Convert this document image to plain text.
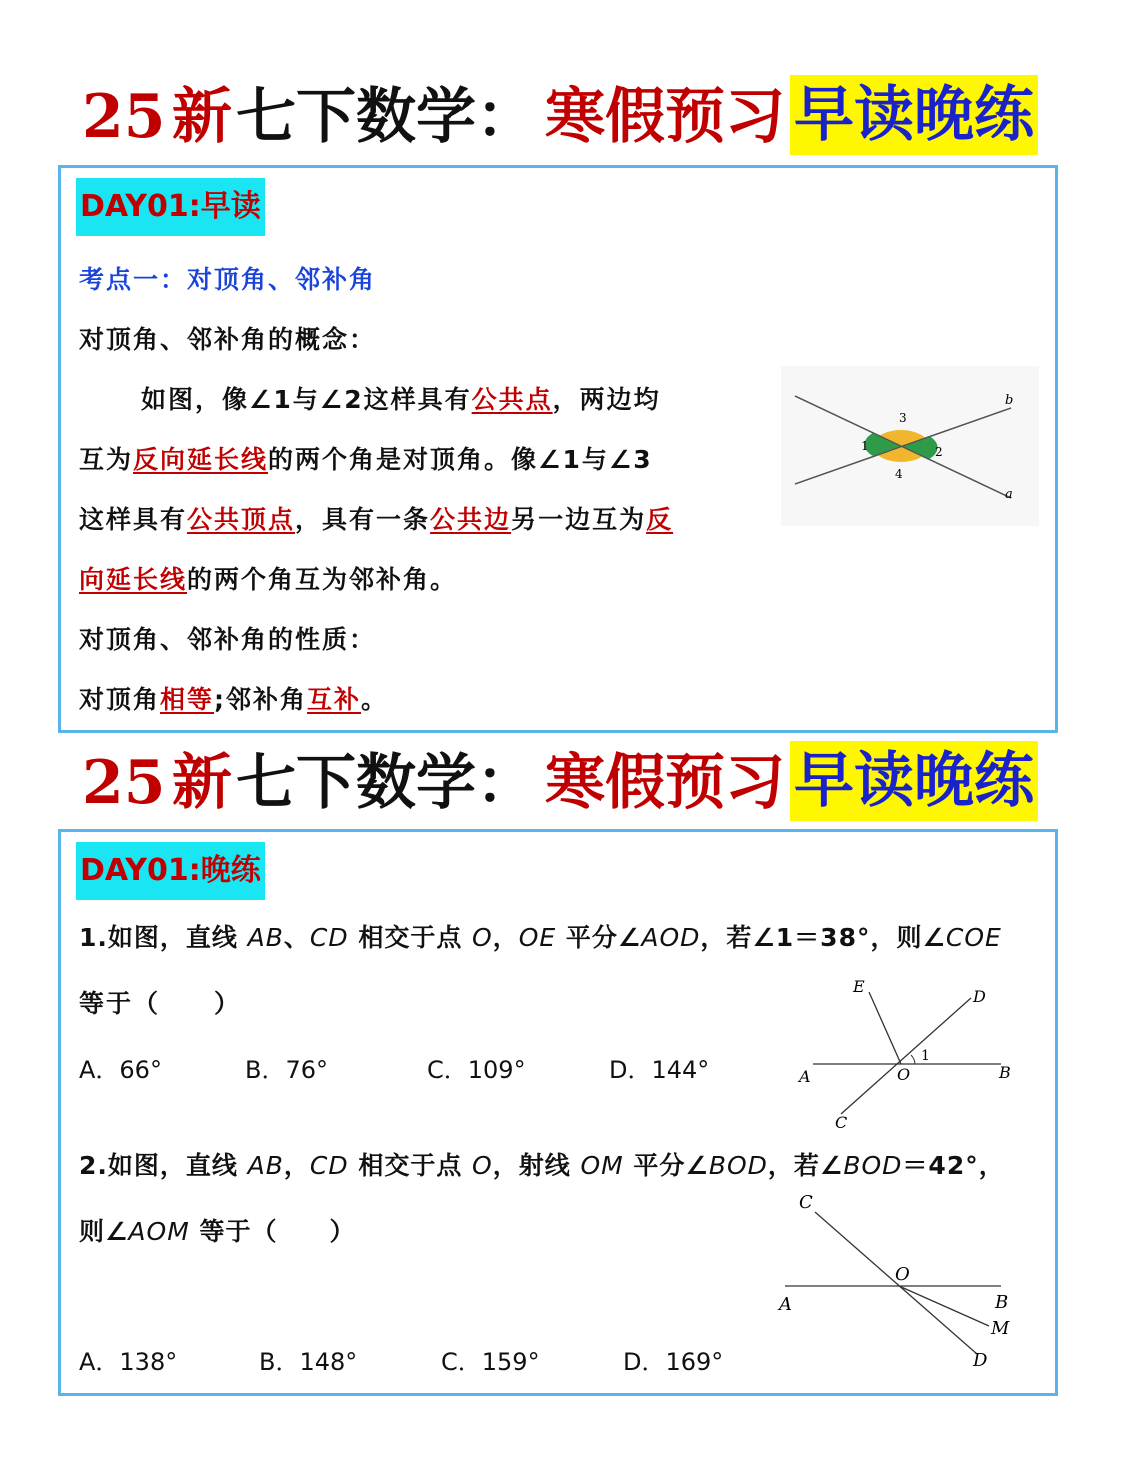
25 新 七下数学： 寒假预习 早读晚练
DAY01:早读
考点一：对顶角、邻补角
对顶角、邻补角的概念：
如图，像∠1与∠2这样具有公共点，两边均
互为反向延长线的两个角是对顶角。像∠1与∠3
这样具有公共顶点，具有一条公共边另一边互为反
向延长线的两个角互为邻补角。
对顶角、邻补角的性质：
对顶角相等;邻补角互补。
3
1	2
4
b
a
25 新 七下数学： 寒假预习 早读晚练
DAY01:晚练
1.如图，直线 AB、CD 相交于点 O，OE 平分∠AOD，若∠1＝38°，则∠COE
等于（　　）
A．66°	B．76°	C．109°	D．144°
E
D
1
A	O	B
C
2.如图，直线 AB，CD 相交于点 O，射线 OM 平分∠BOD，若∠BOD＝42°，
则∠AOM 等于（　　）
A．138°	B．148°	C．159°	D．169°
C
O
A	B
M
D
